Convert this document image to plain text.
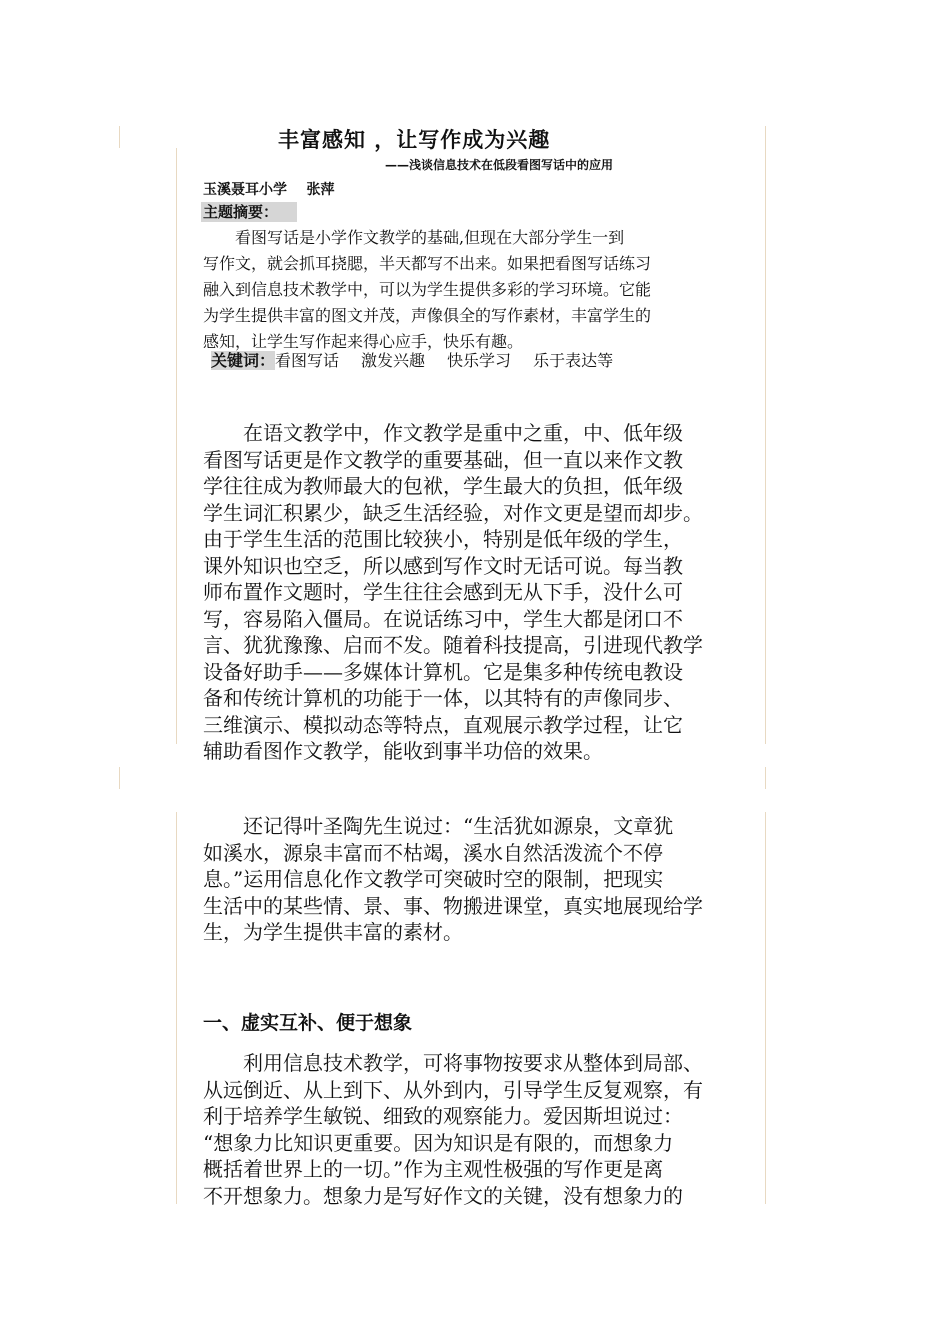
丰富感知 ，让写作成为兴趣
——浅谈信息技术在低段看图写话中的应用
玉溪聂耳小学    张萍
主题摘要：
　　看图写话是小学作文教学的基础,但现在大部分学生一到
写作文，就会抓耳挠腮，半天都写不出来。如果把看图写话练习
融入到信息技术教学中，可以为学生提供多彩的学习环境。它能
为学生提供丰富的图文并茂，声像俱全的写作素材，丰富学生的
感知，让学生写作起来得心应手，快乐有趣。
关键词：看图写话 激发兴趣 快乐学习 乐于表达等
　　在语文教学中，作文教学是重中之重，中、低年级
看图写话更是作文教学的重要基础，但一直以来作文教
学往往成为教师最大的包袱，学生最大的负担，低年级
学生词汇积累少，缺乏生活经验，对作文更是望而却步。
由于学生生活的范围比较狭小，特别是低年级的学生，
课外知识也空乏，所以感到写作文时无话可说。每当教
师布置作文题时，学生往往会感到无从下手，没什么可
写，容易陷入僵局。在说话练习中，学生大都是闭口不
言、犹犹豫豫、启而不发。随着科技提高，引进现代教学
设备好助手——多媒体计算机。它是集多种传统电教设
备和传统计算机的功能于一体，以其特有的声像同步、
三维演示、模拟动态等特点，直观展示教学过程，让它
辅助看图作文教学，能收到事半功倍的效果。
　　还记得叶圣陶先生说过：“生活犹如源泉，文章犹
如溪水，源泉丰富而不枯竭，溪水自然活泼流个不停
息。”运用信息化作文教学可突破时空的限制，把现实
生活中的某些情、景、事、物搬进课堂，真实地展现给学
生，为学生提供丰富的素材。
一、虚实互补、便于想象
　　利用信息技术教学，可将事物按要求从整体到局部、
从远倒近、从上到下、从外到内，引导学生反复观察，有
利于培养学生敏锐、细致的观察能力。爱因斯坦说过：
“想象力比知识更重要。因为知识是有限的，而想象力
概括着世界上的一切。”作为主观性极强的写作更是离
不开想象力。想象力是写好作文的关键，没有想象力的
